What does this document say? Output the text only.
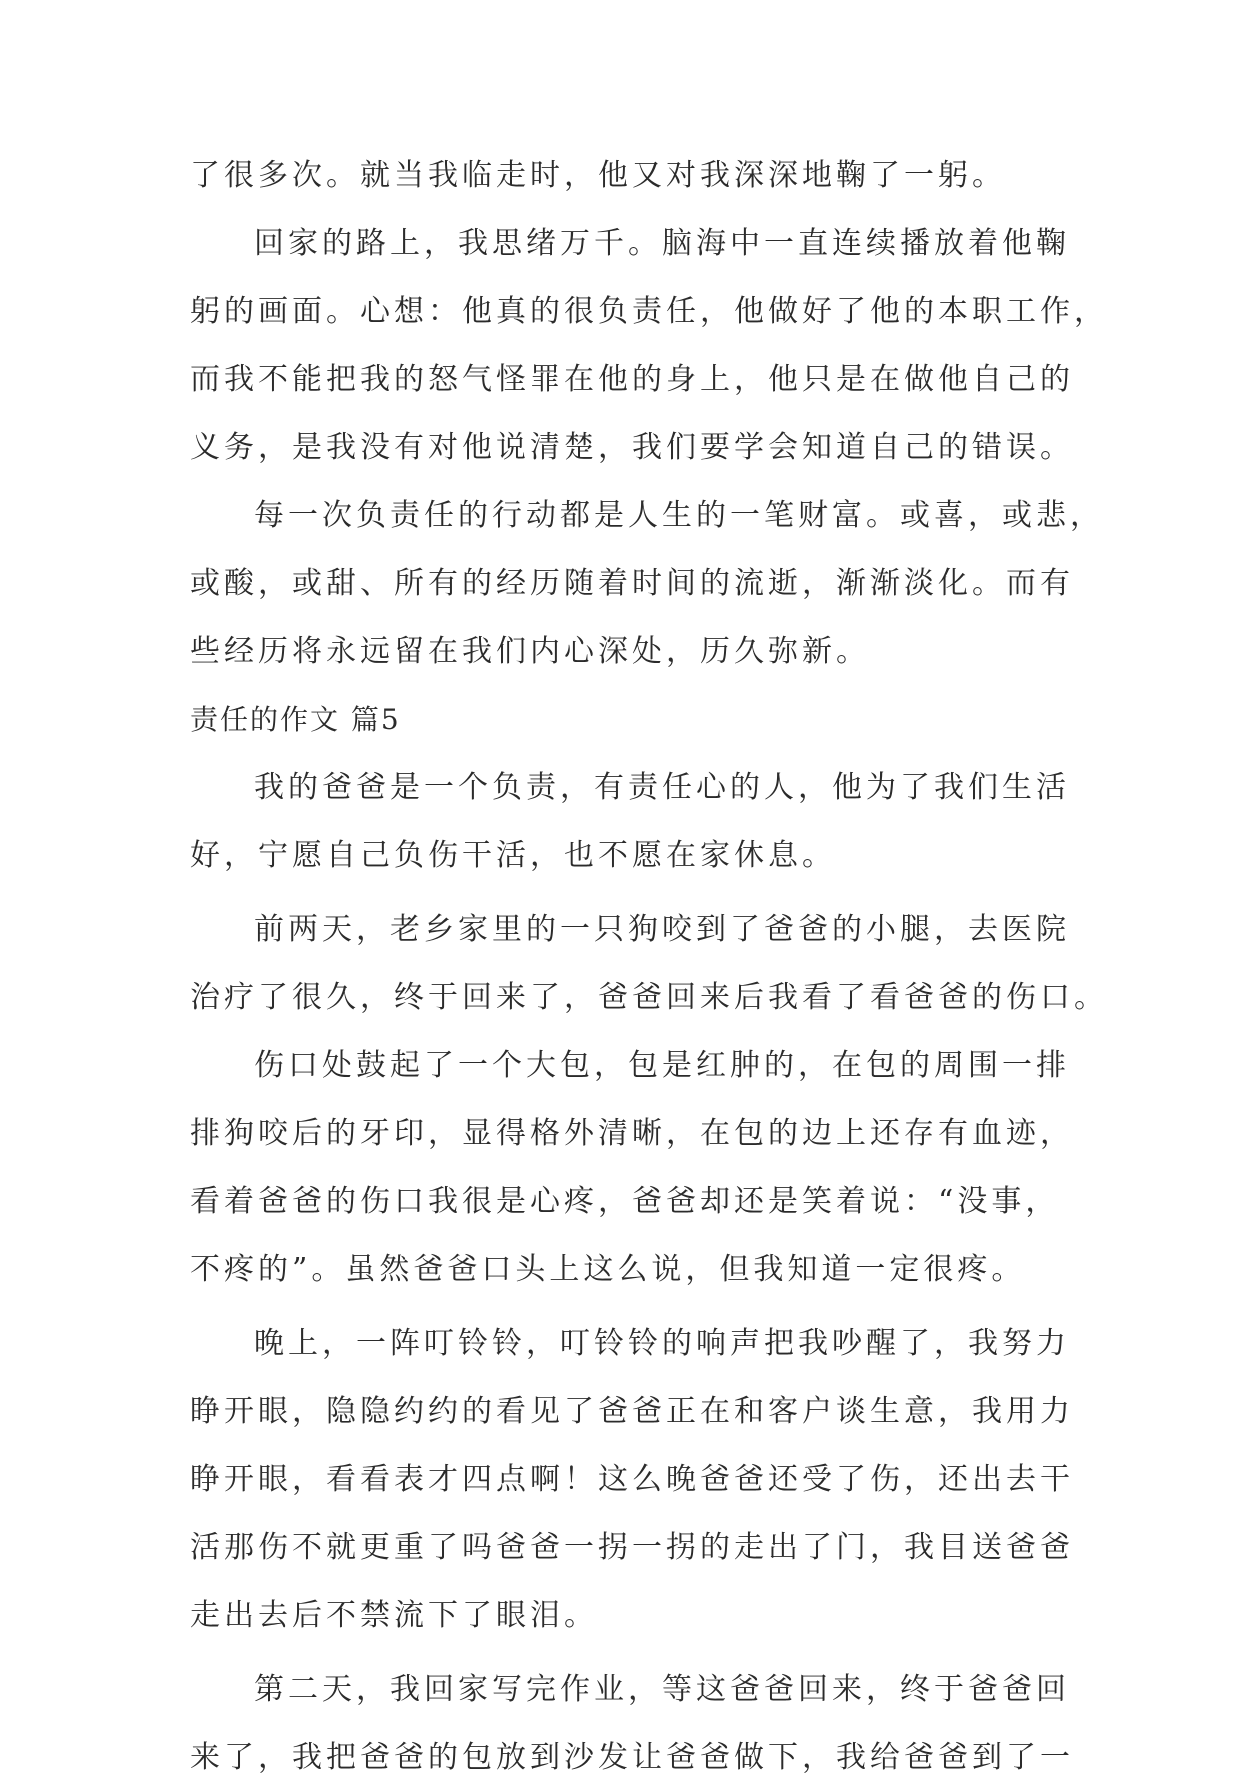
了很多次。就当我临走时，他又对我深深地鞠了一躬。

回家的路上，我思绪万千。脑海中一直连续播放着他鞠

躬的画面。心想：他真的很负责任，他做好了他的本职工作，

而我不能把我的怒气怪罪在他的身上，他只是在做他自己的

义务，是我没有对他说清楚，我们要学会知道自己的错误。

每一次负责任的行动都是人生的一笔财富。或喜，或悲，

或酸，或甜、所有的经历随着时间的流逝，渐渐淡化。而有

些经历将永远留在我们内心深处，历久弥新。

责任的作文 篇5

我的爸爸是一个负责，有责任心的人，他为了我们生活

好，宁愿自己负伤干活，也不愿在家休息。

前两天，老乡家里的一只狗咬到了爸爸的小腿，去医院

治疗了很久，终于回来了，爸爸回来后我看了看爸爸的伤口。

伤口处鼓起了一个大包，包是红肿的，在包的周围一排

排狗咬后的牙印，显得格外清晰，在包的边上还存有血迹，

看着爸爸的伤口我很是心疼，爸爸却还是笑着说：“没事，

不疼的”。虽然爸爸口头上这么说，但我知道一定很疼。

晚上，一阵叮铃铃，叮铃铃的响声把我吵醒了，我努力

睁开眼，隐隐约约的看见了爸爸正在和客户谈生意，我用力

睁开眼，看看表才四点啊！这么晚爸爸还受了伤，还出去干

活那伤不就更重了吗爸爸一拐一拐的走出了门，我目送爸爸

走出去后不禁流下了眼泪。

第二天，我回家写完作业，等这爸爸回来，终于爸爸回

来了，我把爸爸的包放到沙发让爸爸做下，我给爸爸到了一
